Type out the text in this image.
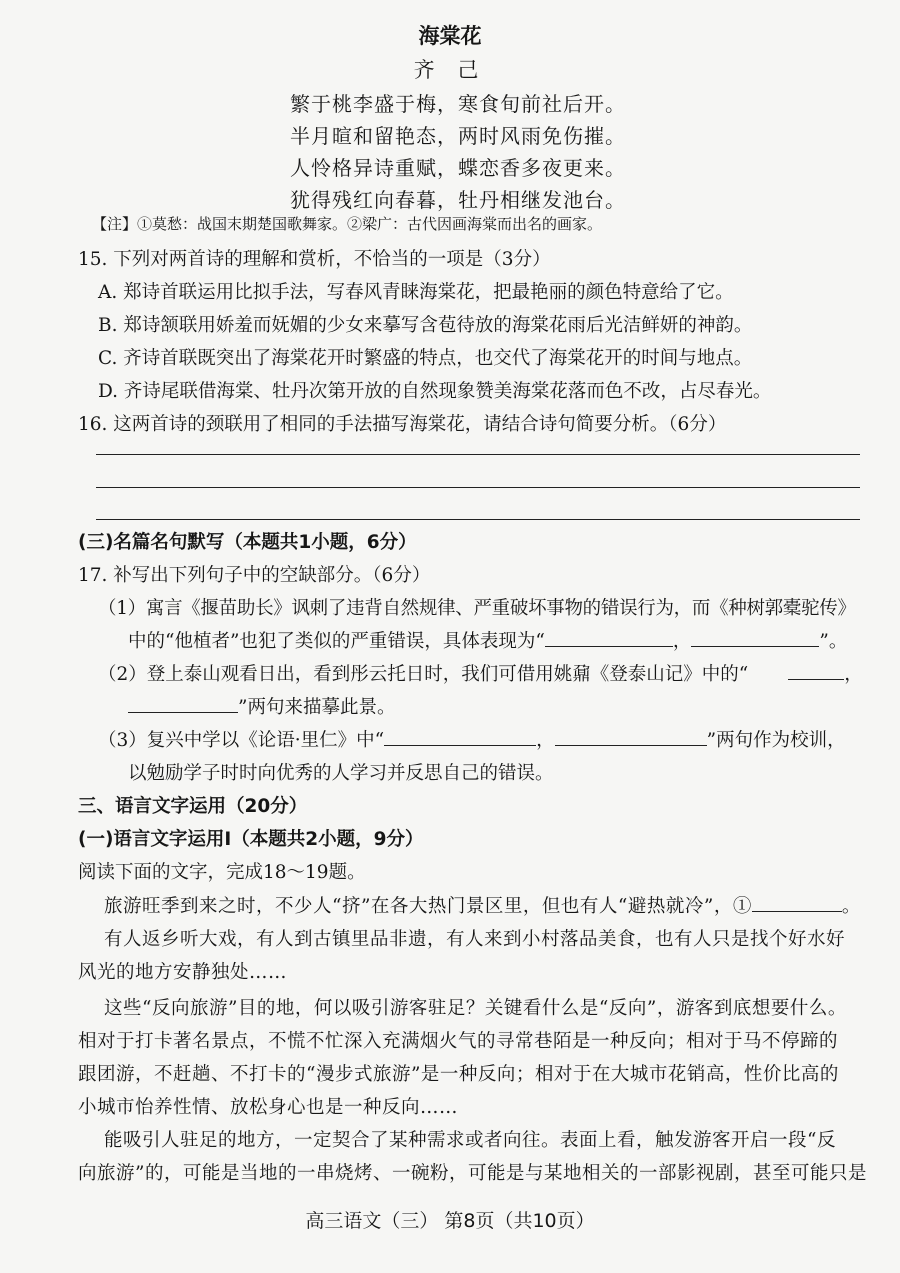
海棠花
齐 己
繁于桃李盛于梅，寒食旬前社后开。
半月暄和留艳态，两时风雨免伤摧。
人怜格异诗重赋，蝶恋香多夜更来。
犹得残红向春暮，牡丹相继发池台。
【注】①莫愁：战国末期楚国歌舞家。②梁广：古代因画海棠而出名的画家。
15. 下列对两首诗的理解和赏析，不恰当的一项是（3分）
A. 郑诗首联运用比拟手法，写春风青睐海棠花，把最艳丽的颜色特意给了它。
B. 郑诗颔联用娇羞而妩媚的少女来摹写含苞待放的海棠花雨后光洁鲜妍的神韵。
C. 齐诗首联既突出了海棠花开时繁盛的特点，也交代了海棠花开的时间与地点。
D. 齐诗尾联借海棠、牡丹次第开放的自然现象赞美海棠花落而色不改，占尽春光。
16. 这两首诗的颈联用了相同的手法描写海棠花，请结合诗句简要分析。（6分）
(三)名篇名句默写（本题共1小题，6分）
17. 补写出下列句子中的空缺部分。（6分）
（1）寓言《揠苗助长》讽刺了违背自然规律、严重破坏事物的错误行为，而《种树郭橐驼传》
中的“他植者”也犯了类似的严重错误，具体表现为“	，	”。
（2）登上泰山观看日出，看到彤云托日时，我们可借用姚鼐《登泰山记》中的“	，
”两句来描摹此景。
（3）复兴中学以《论语·里仁》中“	，	”两句作为校训，
以勉励学子时时向优秀的人学习并反思自己的错误。
三、语言文字运用（20分）
(一)语言文字运用Ⅰ（本题共2小题，9分）
阅读下面的文字，完成18～19题。
旅游旺季到来之时，不少人“挤”在各大热门景区里，但也有人“避热就冷”，①	。
有人返乡听大戏，有人到古镇里品非遗，有人来到小村落品美食，也有人只是找个好水好
风光的地方安静独处……
这些“反向旅游”目的地，何以吸引游客驻足？关键看什么是“反向”，游客到底想要什么。
相对于打卡著名景点，不慌不忙深入充满烟火气的寻常巷陌是一种反向；相对于马不停蹄的
跟团游，不赶趟、不打卡的“漫步式旅游”是一种反向；相对于在大城市花销高，性价比高的
小城市怡养性情、放松身心也是一种反向……
能吸引人驻足的地方，一定契合了某种需求或者向往。表面上看，触发游客开启一段“反
向旅游”的，可能是当地的一串烧烤、一碗粉，可能是与某地相关的一部影视剧，甚至可能只是
高三语文（三） 第8页（共10页）
